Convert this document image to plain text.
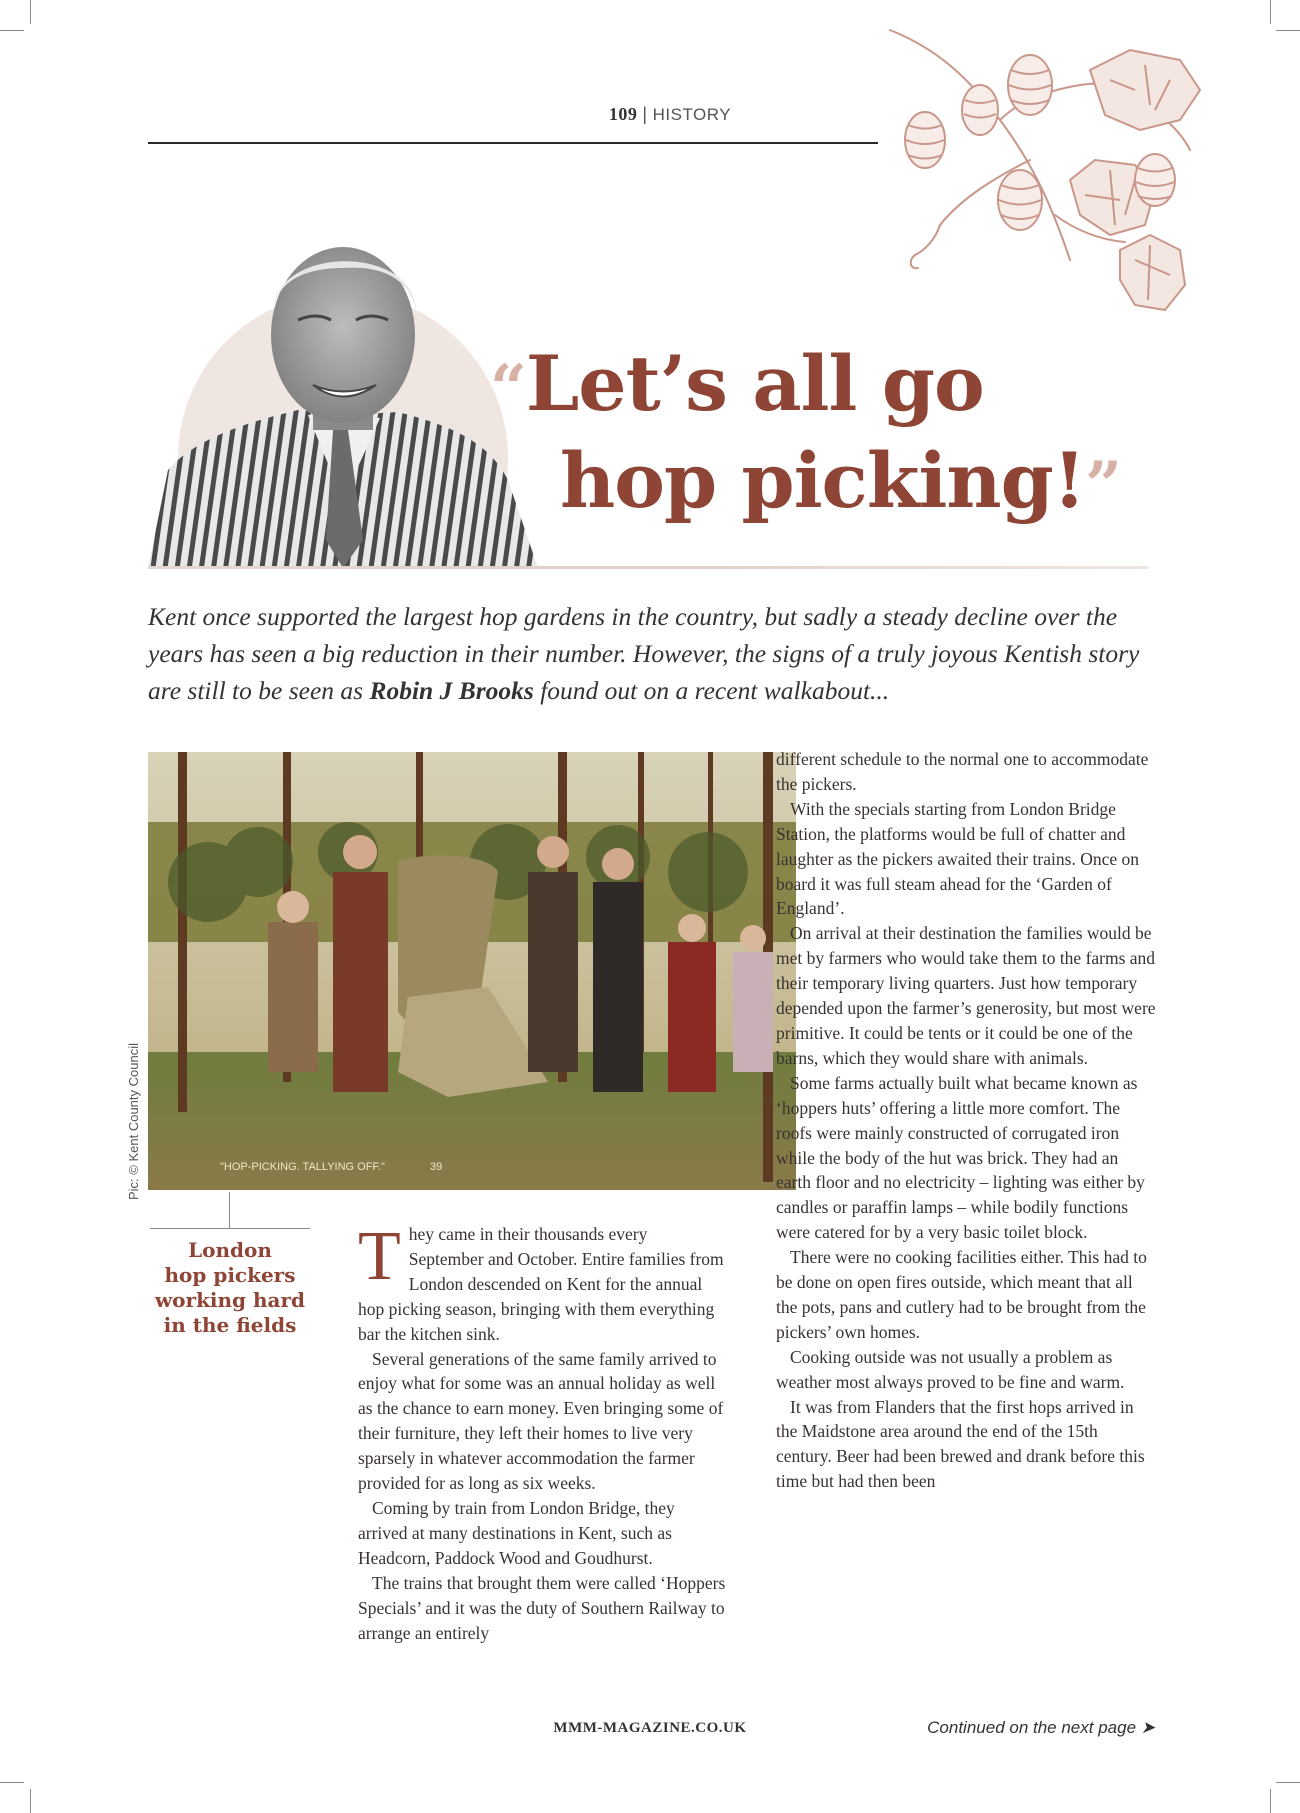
109 | HISTORY
“Let’s all go
hop picking!”
Kent once supported the largest hop gardens in the country, but sadly a steady decline over the years has seen a big reduction in their number. However, the signs of a truly joyous Kentish story are still to be seen as Robin J Brooks found out on a recent walkabout...
"HOP-PICKING. TALLYING OFF."	39
Pic: © Kent County Council
London
hop pickers
working hard
in the fields

They came in their thousands every September and October. Entire families from London descended on Kent for the annual hop picking season, bringing with them everything bar the kitchen sink.

Several generations of the same family arrived to enjoy what for some was an annual holiday as well as the chance to earn money. Even bringing some of their furniture, they left their homes to live very sparsely in whatever accommodation the farmer provided for as long as six weeks.

Coming by train from London Bridge, they arrived at many destinations in Kent, such as Headcorn, Paddock Wood and Goudhurst.

The trains that brought them were called ‘Hoppers Specials’ and it was the duty of Southern Railway to arrange an entirely

different schedule to the normal one to accommodate the pickers.

With the specials starting from London Bridge Station, the platforms would be full of chatter and laughter as the pickers awaited their trains. Once on board it was full steam ahead for the ‘Garden of England’.

On arrival at their destination the families would be met by farmers who would take them to the farms and their temporary living quarters. Just how temporary depended upon the farmer’s generosity, but most were primitive. It could be tents or it could be one of the barns, which they would share with animals.

Some farms actually built what became known as ‘hoppers huts’ offering a little more comfort. The roofs were mainly constructed of corrugated iron while the body of the hut was brick. They had an earth floor and no electricity – lighting was either by candles or paraffin lamps – while bodily functions were catered for by a very basic toilet block.

There were no cooking facilities either. This had to be done on open fires outside, which meant that all the pots, pans and cutlery had to be brought from the pickers’ own homes.

Cooking outside was not usually a problem as weather most always proved to be fine and warm.

It was from Flanders that the first hops arrived in the Maidstone area around the end of the 15th century. Beer had been brewed and drank before this time but had then been

MMM-MAGAZINE.CO.UK	Continued on the next page ➤
